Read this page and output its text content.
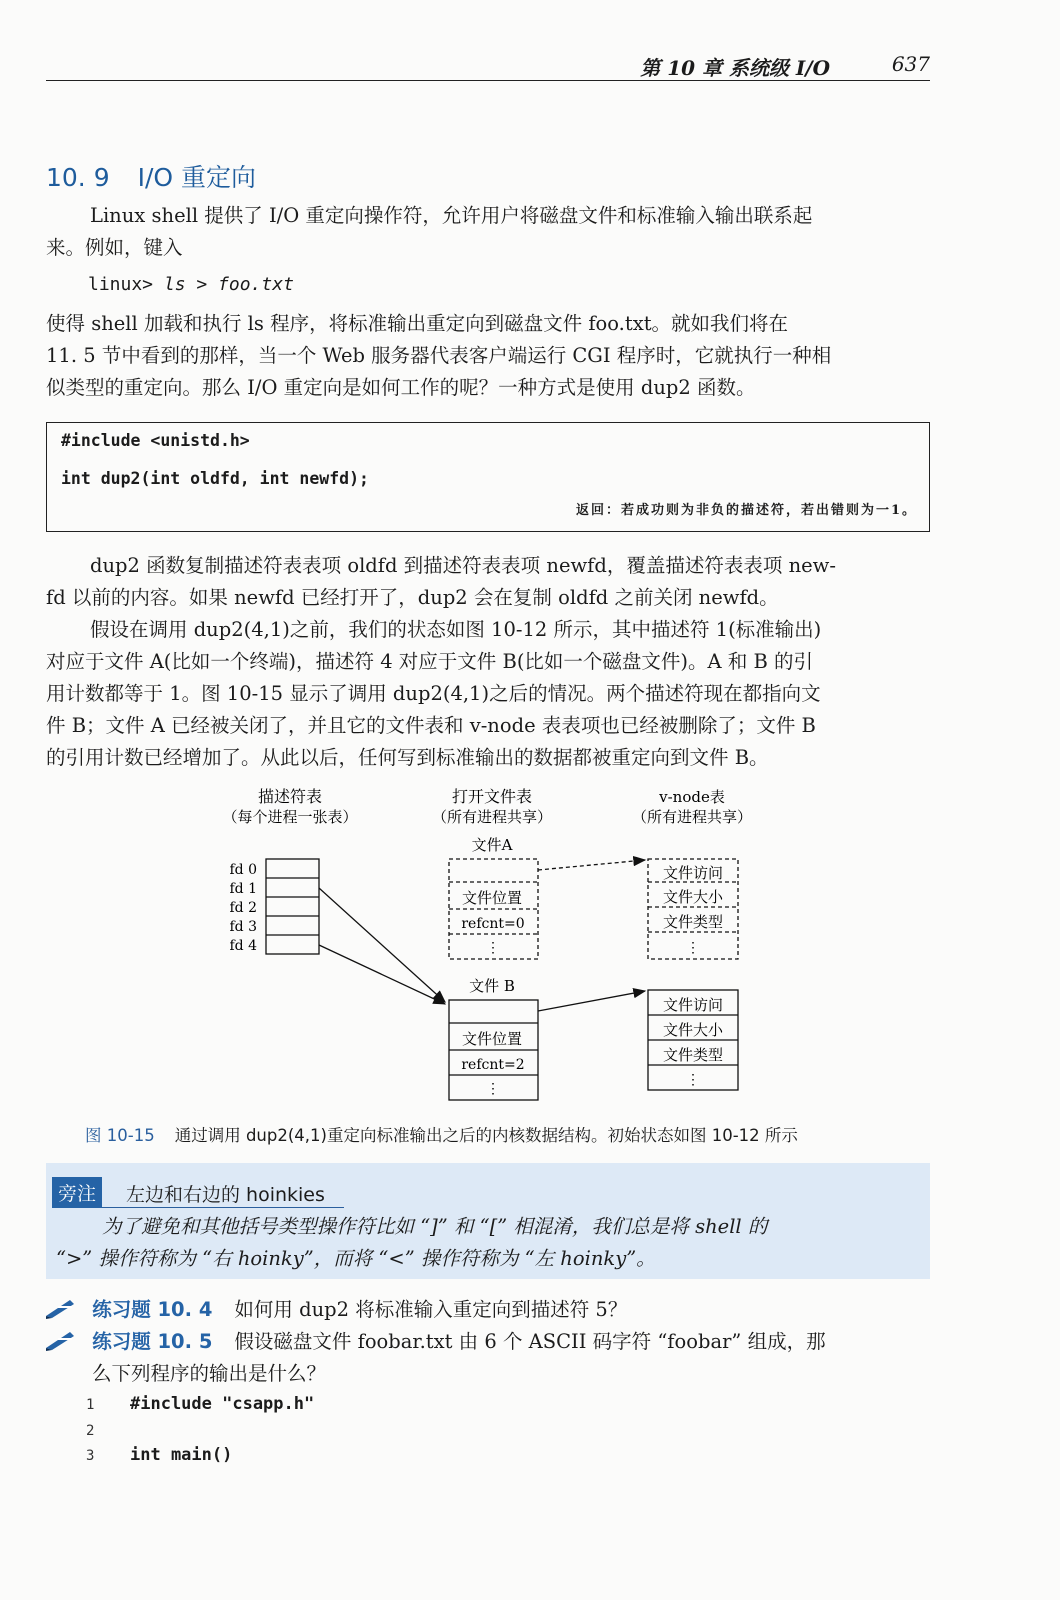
第 10 章 系统级 I/O	637
10. 9 I/O 重定向
Linux shell 提供了 I/O 重定向操作符，允许用户将磁盘文件和标准输入输出联系起
来。例如，键入
linux> ls > foo.txt
使得 shell 加载和执行 ls 程序，将标准输出重定向到磁盘文件 foo.txt。就如我们将在
11. 5 节中看到的那样，当一个 Web 服务器代表客户端运行 CGI 程序时，它就执行一种相
似类型的重定向。那么 I/O 重定向是如何工作的呢？一种方式是使用 dup2 函数。
#include <unistd.h>
int dup2(int oldfd, int newfd);
返回：若成功则为非负的描述符，若出错则为一1。
dup2 函数复制描述符表表项 oldfd 到描述符表表项 newfd，覆盖描述符表表项 new-
fd 以前的内容。如果 newfd 已经打开了，dup2 会在复制 oldfd 之前关闭 newfd。
假设在调用 dup2(4,1)之前，我们的状态如图 10-12 所示，其中描述符 1(标准输出)
对应于文件 A(比如一个终端)，描述符 4 对应于文件 B(比如一个磁盘文件)。A 和 B 的引
用计数都等于 1。图 10-15 显示了调用 dup2(4,1)之后的情况。两个描述符现在都指向文
件 B；文件 A 已经被关闭了，并且它的文件表和 v-node 表表项也已经被删除了；文件 B
的引用计数已经增加了。从此以后，任何写到标准输出的数据都被重定向到文件 B。
描述符表
（每个进程一张表）
打开文件表
（所有进程共享）
v-node表
（所有进程共享）
fd 0
fd 1
fd 2
fd 3
fd 4
文件A
文件位置
refcnt=0
⋮
文件访问
文件大小
文件类型
⋮
文件 B
文件位置
refcnt=2
⋮
文件访问
文件大小
文件类型
⋮
图 10-15 通过调用 dup2(4,1)重定向标准输出之后的内核数据结构。初始状态如图 10-12 所示
旁注	左边和右边的 hoinkies
为了避免和其他括号类型操作符比如 “]” 和 “[” 相混淆，我们总是将 shell 的
“>” 操作符称为 “右 hoinky”，而将 “<” 操作符称为 “左 hoinky”。
练习题 10. 4 如何用 dup2 将标准输入重定向到描述符 5？
练习题 10. 5 假设磁盘文件 foobar.txt 由 6 个 ASCII 码字符 “foobar” 组成，那
么下列程序的输出是什么？
1 #include "csapp.h"
2
3 int main()
